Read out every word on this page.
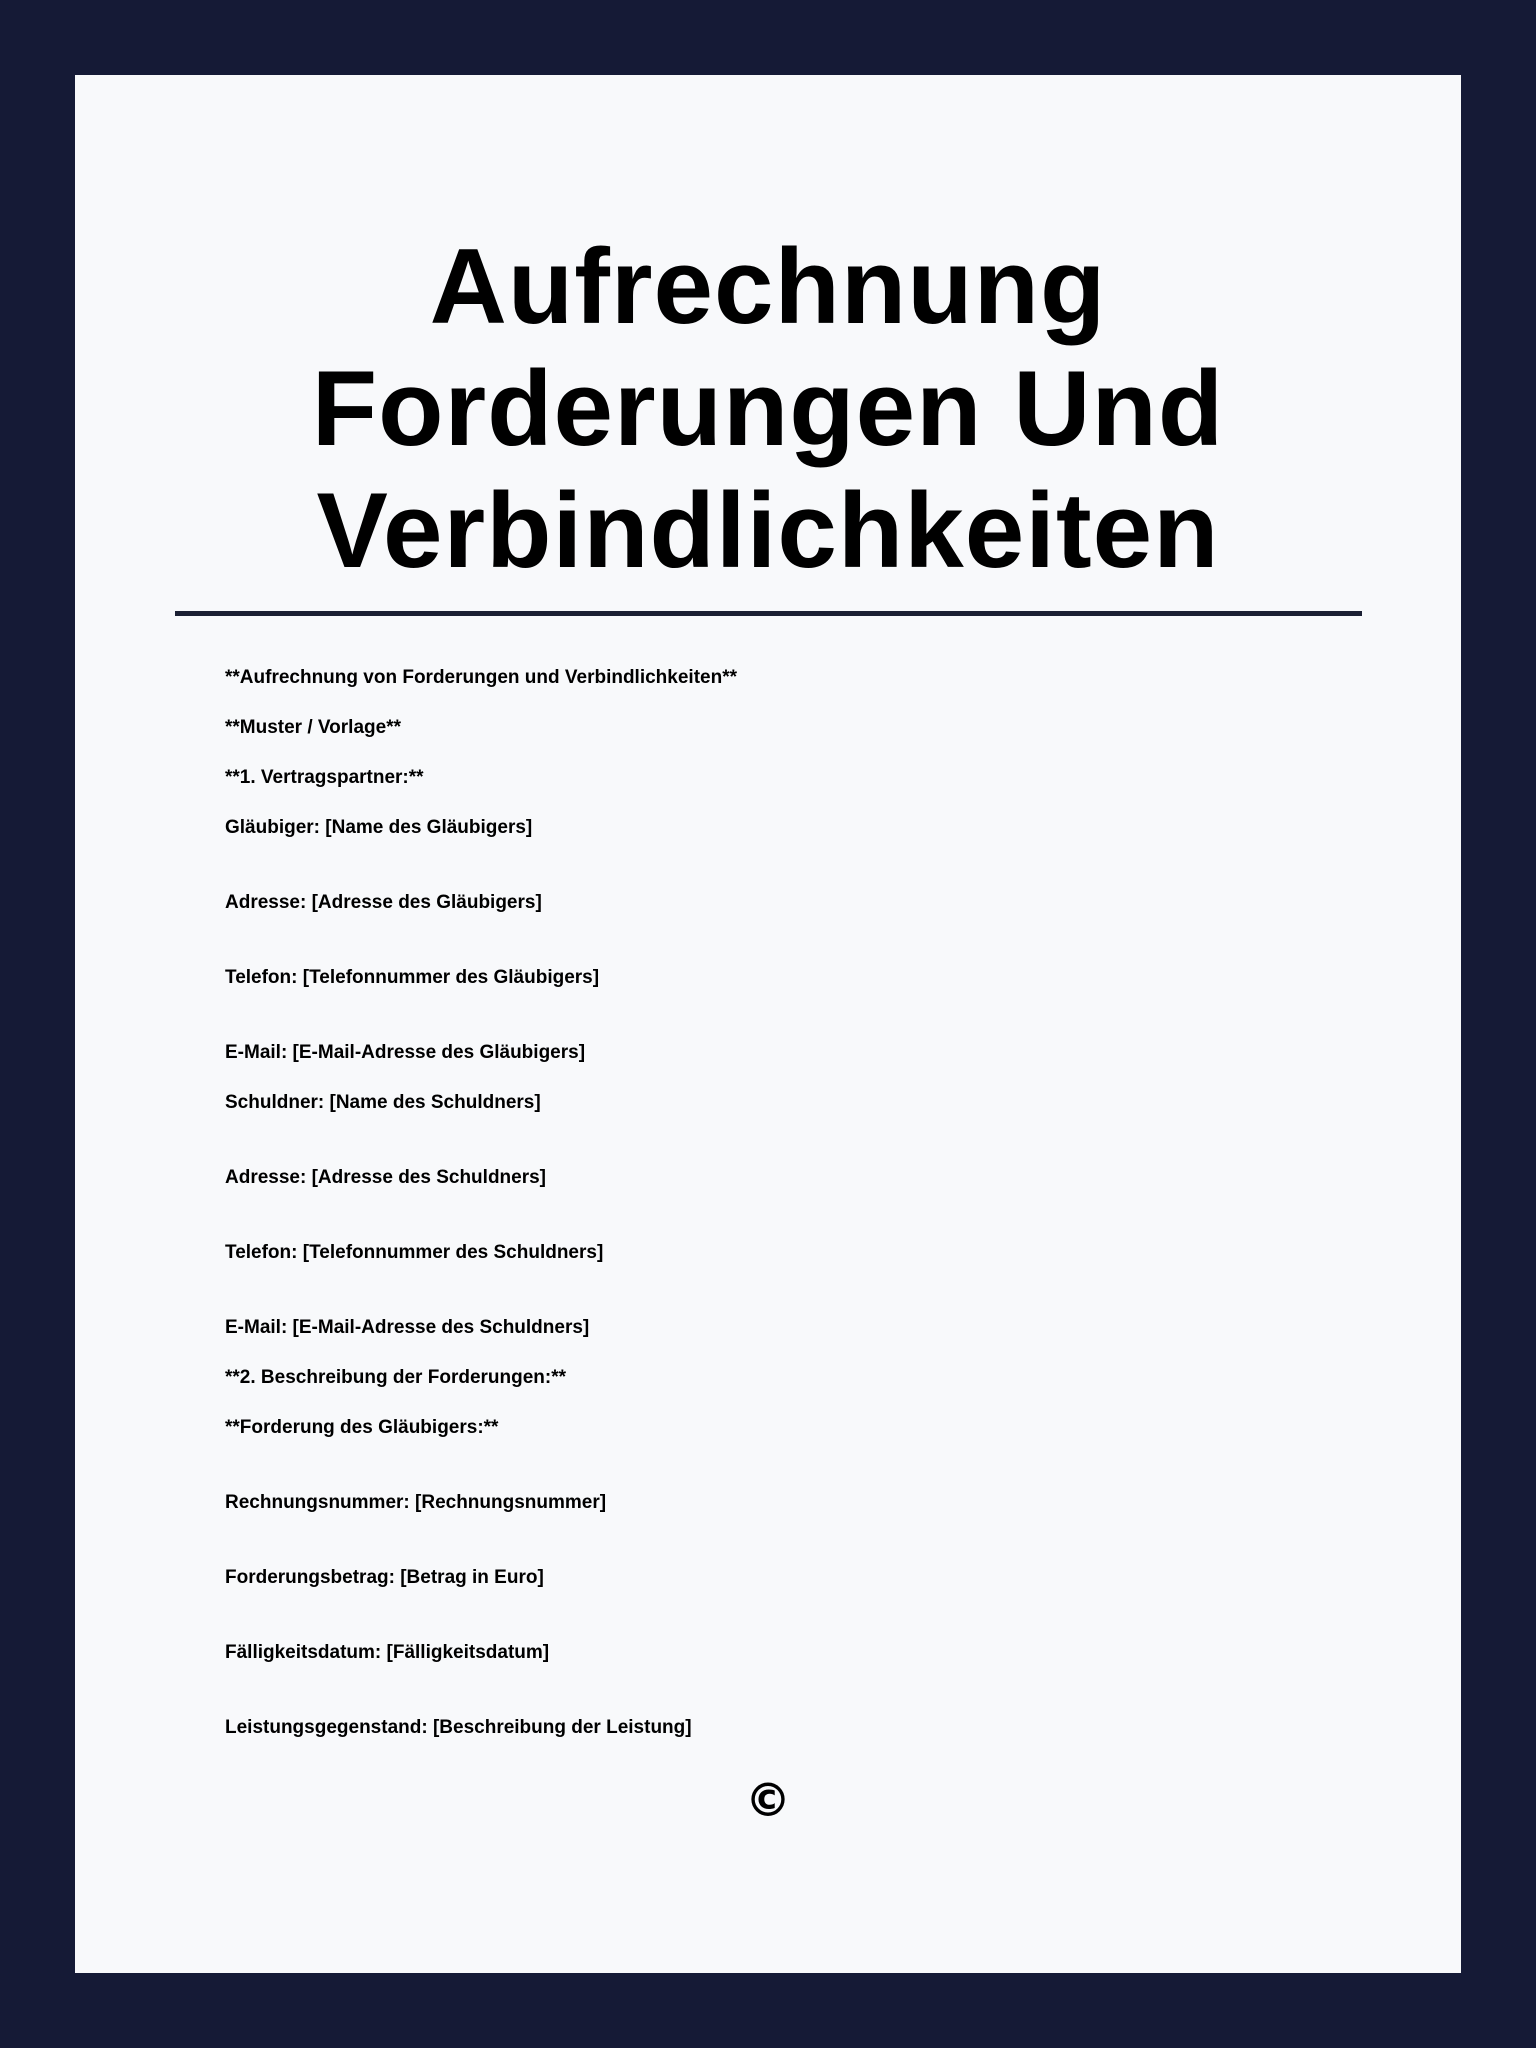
Aufrechnung
Forderungen Und
Verbindlichkeiten
**Aufrechnung von Forderungen und Verbindlichkeiten**
**Muster / Vorlage**
**1. Vertragspartner:**
Gläubiger: [Name des Gläubigers]
Adresse: [Adresse des Gläubigers]
Telefon: [Telefonnummer des Gläubigers]
E-Mail: [E-Mail-Adresse des Gläubigers]
Schuldner: [Name des Schuldners]
Adresse: [Adresse des Schuldners]
Telefon: [Telefonnummer des Schuldners]
E-Mail: [E-Mail-Adresse des Schuldners]
**2. Beschreibung der Forderungen:**
**Forderung des Gläubigers:**
Rechnungsnummer: [Rechnungsnummer]
Forderungsbetrag: [Betrag in Euro]
Fälligkeitsdatum: [Fälligkeitsdatum]
Leistungsgegenstand: [Beschreibung der Leistung]
©
